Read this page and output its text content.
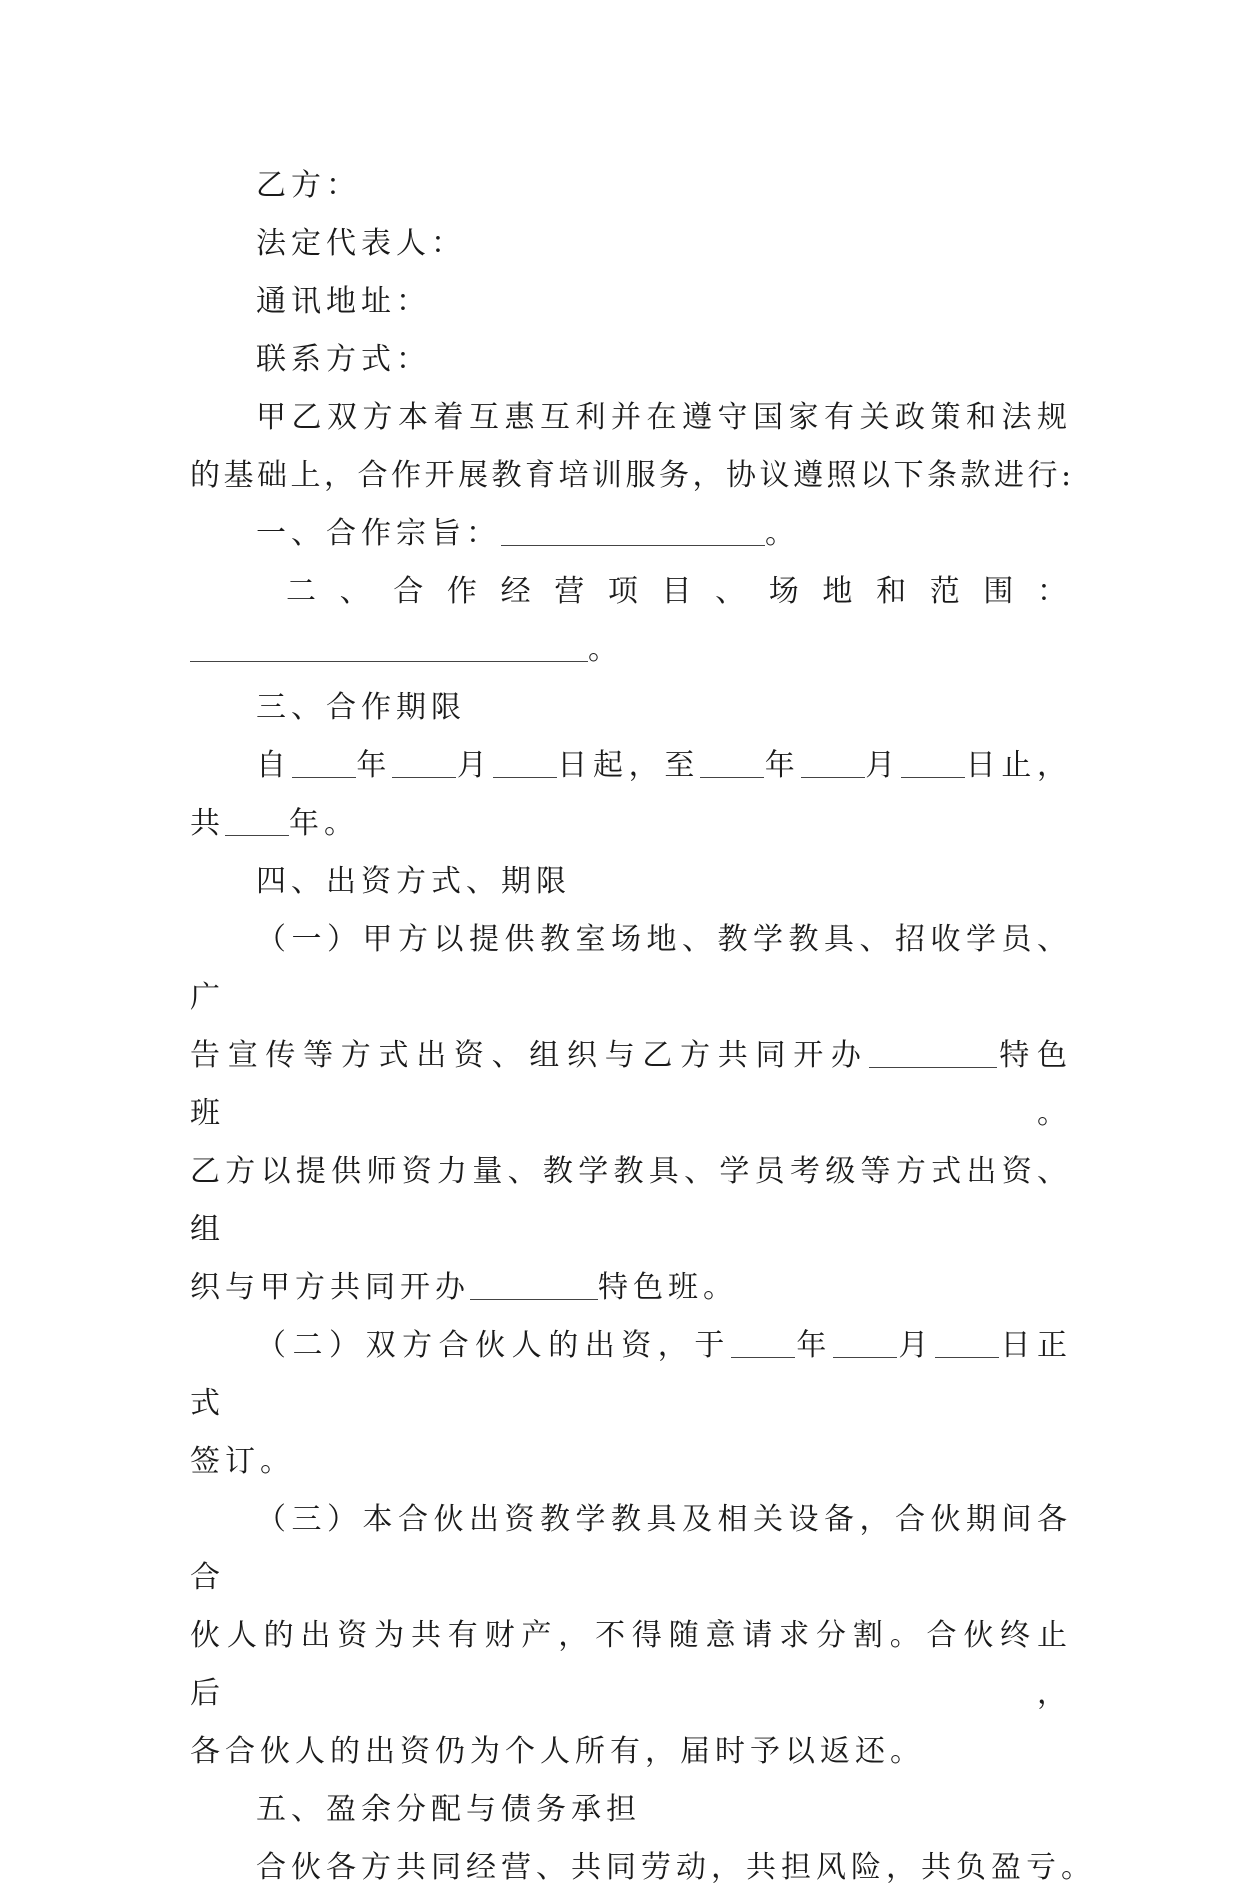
乙方：

法定代表人：

通讯地址：

联系方式：

甲乙双方本着互惠互利并在遵守国家有关政策和法规

的基础上，合作开展教育培训服务，协议遵照以下条款进行:

一、合作宗旨：	。

二、合作经营项目、场地和范围：

。

三、合作期限

自 年 月 日起，至 年 月 日止，

共 年。

四、出资方式、期限

（一）甲方以提供教室场地、教学教具、招收学员、广

告宣传等方式出资、组织与乙方共同开办	特色班。

乙方以提供师资力量、教学教具、学员考级等方式出资、组

织与甲方共同开办	特色班。

（二）双方合伙人的出资，于 年 月 日正式

签订。

（三）本合伙出资教学教具及相关设备，合伙期间各合

伙人的出资为共有财产，不得随意请求分割。合伙终止后，

各合伙人的出资仍为个人所有，届时予以返还。

五、盈余分配与债务承担

合伙各方共同经营、共同劳动，共担风险，共负盈亏。
